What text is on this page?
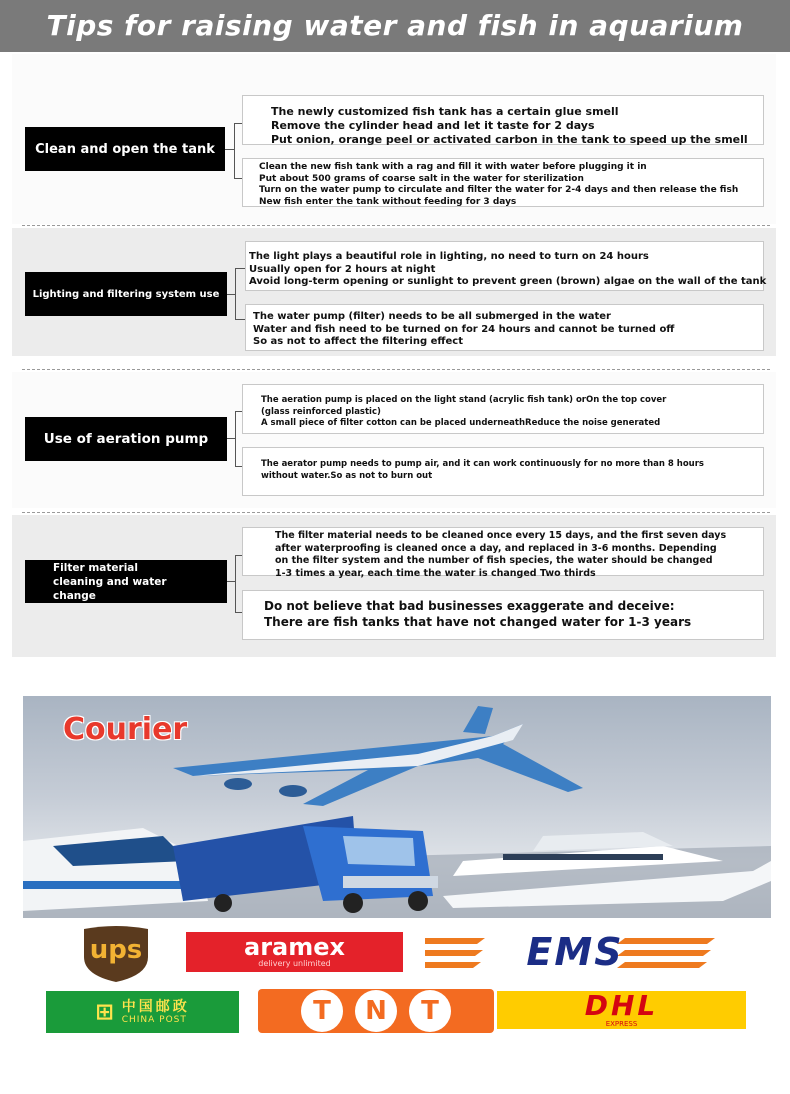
Tips for raising water and fish in aquarium
Clean and open the tank
The newly customized fish tank has a certain glue smell
Remove the cylinder head and let it taste for 2 days
Put onion, orange peel or activated carbon in the tank to speed up the smell
Clean the new fish tank with a rag and fill it with water before plugging it in
Put about 500 grams of coarse salt in the water for sterilization
Turn on the water pump to circulate and filter the water for 2-4 days and then release the fish
New fish enter the tank without feeding for 3 days
Lighting and filtering system use
The light plays a beautiful role in lighting, no need to turn on 24 hours
Usually open for 2 hours at night
Avoid long-term opening or sunlight to prevent green (brown) algae on the wall of the tank
The water pump (filter) needs to be all submerged in the water
Water and fish need to be turned on for 24 hours and cannot be turned off
So as not to affect the filtering effect
Use of aeration pump
The aeration pump is placed on the light stand (acrylic fish tank) orOn the top cover
(glass reinforced plastic)
A small piece of filter cotton can be placed underneathReduce the noise generated
The aerator pump needs to pump air, and it can work continuously for no more than 8 hours
without water.So as not to burn out
Filter material cleaning and water change
The filter material needs to be cleaned once every 15 days, and the first seven days
after waterproofing is cleaned once a day, and replaced in 3-6 months. Depending
on the filter system and the number of fish species, the water should be changed
1-3 times a year, each time the water is changed Two thirds
Do not believe that bad businesses exaggerate and deceive:
There are fish tanks that have not changed water for 1-3 years
Courier
ups	aramex
delivery unlimited	EMS
⊞ 中国邮政
CHINA POST	T	N	T	DHL
EXPRESS
